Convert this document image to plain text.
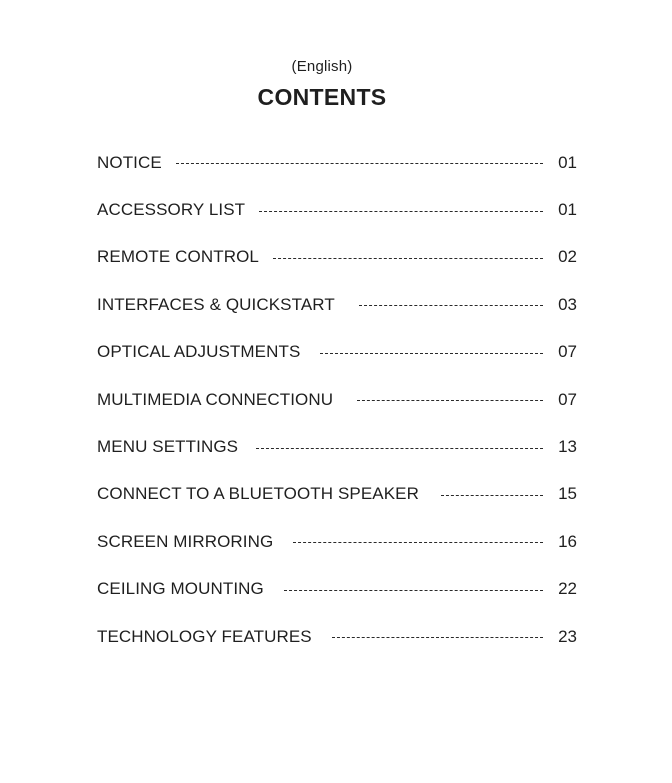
(English)
CONTENTS
NOTICE	01
ACCESSORY LIST	01
REMOTE CONTROL	02
INTERFACES & QUICKSTART	03
OPTICAL ADJUSTMENTS	07
MULTIMEDIA CONNECTIONU	07
MENU SETTINGS	13
CONNECT TO A BLUETOOTH SPEAKER	15
SCREEN MIRRORING	16
CEILING MOUNTING	22
TECHNOLOGY FEATURES	23
